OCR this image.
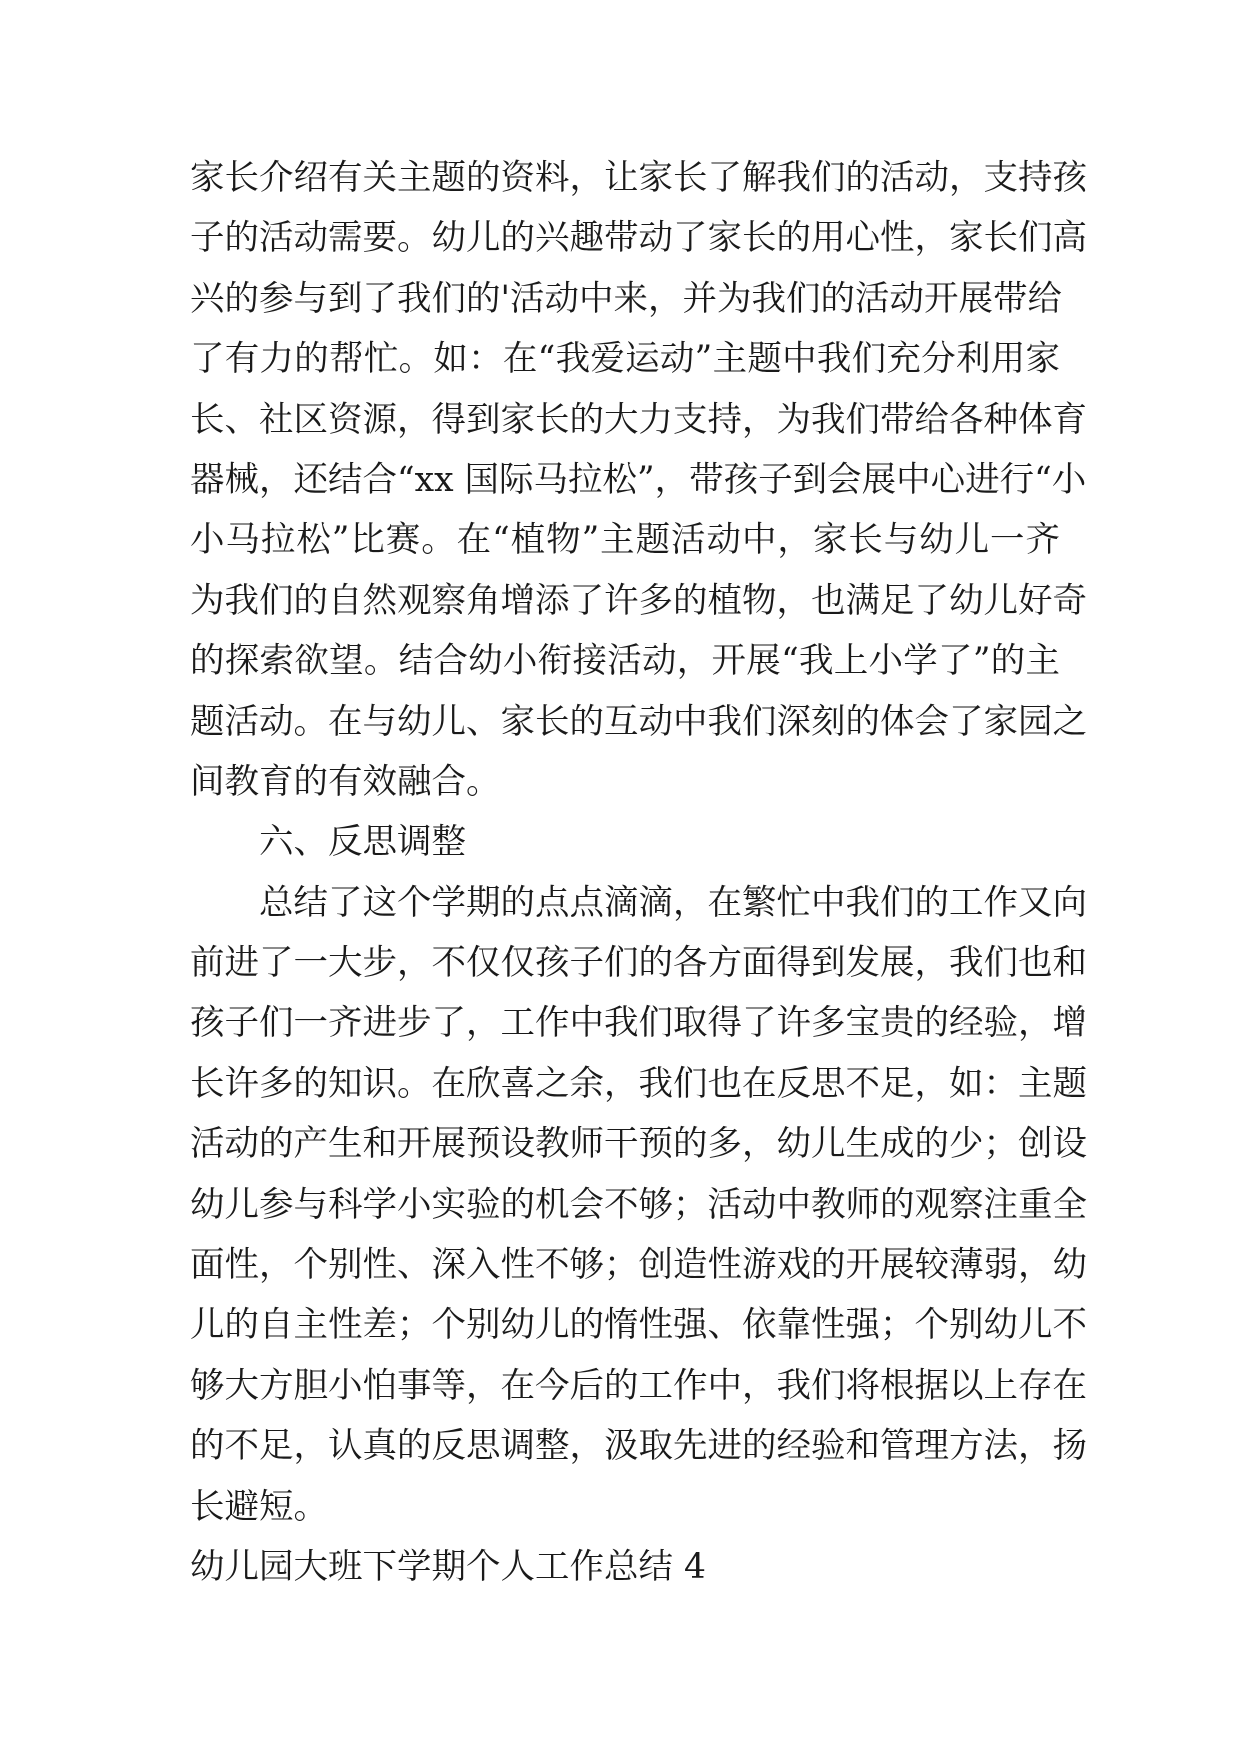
家长介绍有关主题的资料，让家长了解我们的活动，支持孩
子的活动需要。幼儿的兴趣带动了家长的用心性，家长们高
兴的参与到了我们的'活动中来，并为我们的活动开展带给
了有力的帮忙。如：在“我爱运动”主题中我们充分利用家
长、社区资源，得到家长的大力支持，为我们带给各种体育
器械，还结合“xx 国际马拉松”，带孩子到会展中心进行“小
小马拉松”比赛。在“植物”主题活动中，家长与幼儿一齐
为我们的自然观察角增添了许多的植物，也满足了幼儿好奇
的探索欲望。结合幼小衔接活动，开展“我上小学了”的主
题活动。在与幼儿、家长的互动中我们深刻的体会了家园之
间教育的有效融合。
六、反思调整
总结了这个学期的点点滴滴，在繁忙中我们的工作又向
前进了一大步，不仅仅孩子们的各方面得到发展，我们也和
孩子们一齐进步了，工作中我们取得了许多宝贵的经验，增
长许多的知识。在欣喜之余，我们也在反思不足，如：主题
活动的产生和开展预设教师干预的多，幼儿生成的少；创设
幼儿参与科学小实验的机会不够；活动中教师的观察注重全
面性，个别性、深入性不够；创造性游戏的开展较薄弱，幼
儿的自主性差；个别幼儿的惰性强、依靠性强；个别幼儿不
够大方胆小怕事等，在今后的工作中，我们将根据以上存在
的不足，认真的反思调整，汲取先进的经验和管理方法，扬
长避短。
幼儿园大班下学期个人工作总结 4
